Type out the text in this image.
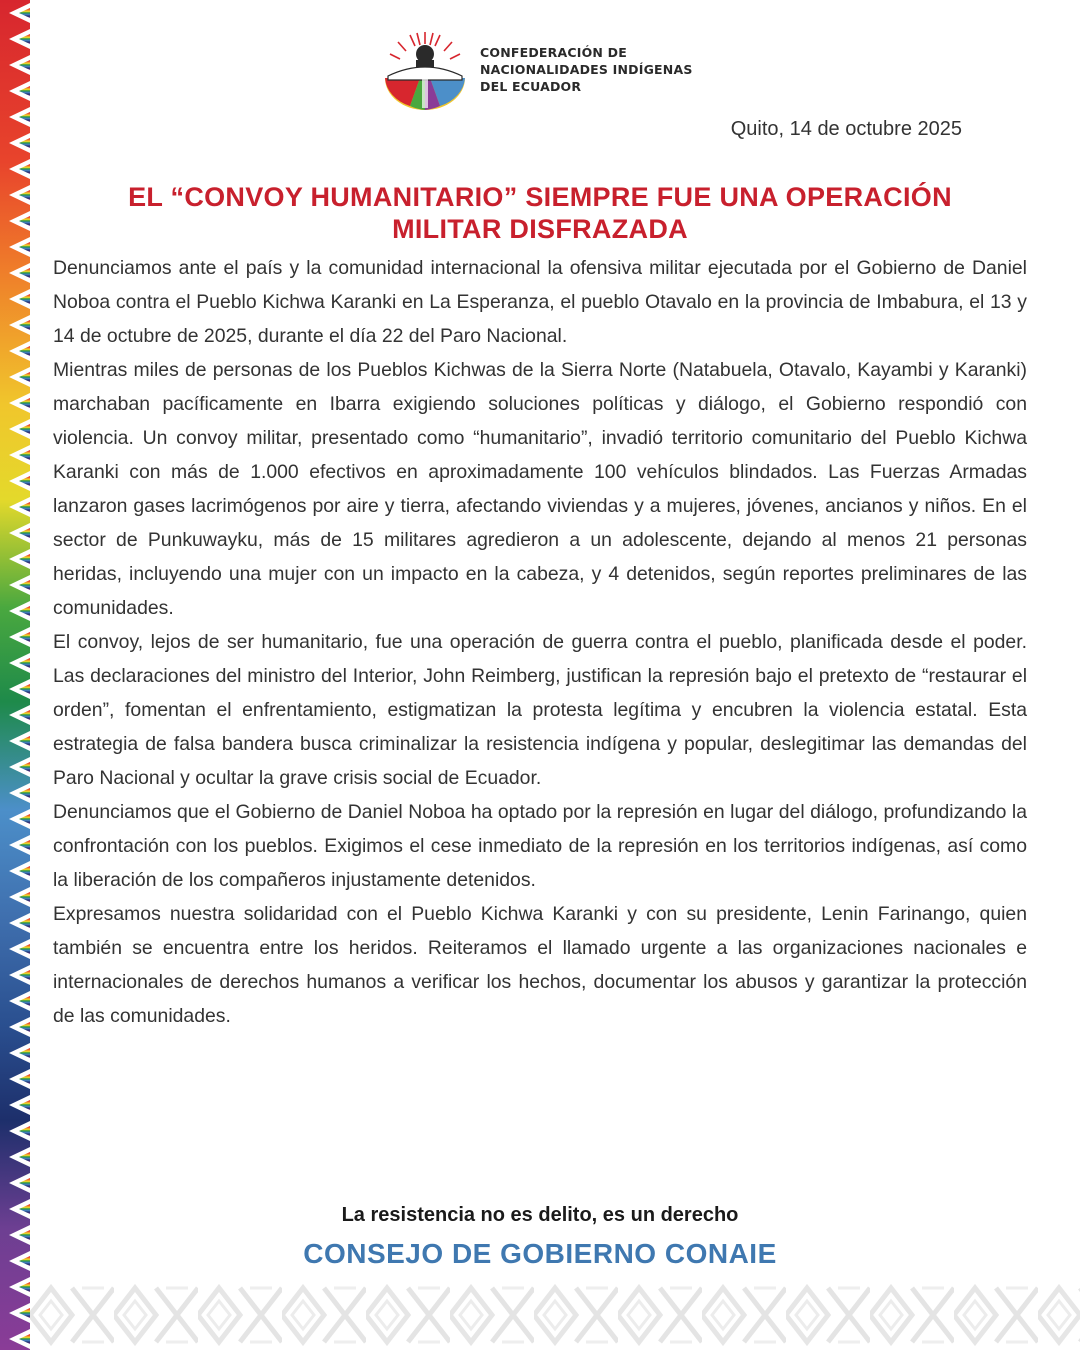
CONFEDERACIÓN DE
NACIONALIDADES INDÍGENAS
DEL ECUADOR
Quito, 14 de octubre 2025
EL “CONVOY HUMANITARIO” SIEMPRE FUE UNA OPERACIÓN
MILITAR DISFRAZADA

Denunciamos ante el país y la comunidad internacional la ofensiva militar ejecutada por el Gobierno de Daniel Noboa contra el Pueblo Kichwa Karanki en La Esperanza, el pueblo Otavalo en la provincia de Imbabura, el 13 y 14 de octubre de 2025, durante el día 22 del Paro Nacional.

Mientras miles de personas de los Pueblos Kichwas de la Sierra Norte (Natabuela, Otavalo, Kayambi y Karanki) marchaban pacíficamente en Ibarra exigiendo soluciones políticas y diálogo, el Gobierno respondió con violencia. Un convoy militar, presentado como “humanitario”, invadió territorio comunitario del Pueblo Kichwa Karanki con más de 1.000 efectivos en aproximadamente 100 vehículos blindados. Las Fuerzas Armadas lanzaron gases lacrimógenos por aire y tierra, afectando viviendas y a mujeres, jóvenes, ancianos y niños. En el sector de Punkuwayku, más de 15 militares agredieron a un adolescente, dejando al menos 21 personas heridas, incluyendo una mujer con un impacto en la cabeza, y 4 detenidos, según reportes preliminares de las comunidades.

El convoy, lejos de ser humanitario, fue una operación de guerra contra el pueblo, planificada desde el poder. Las declaraciones del ministro del Interior, John Reimberg, justifican la represión bajo el pretexto de “restaurar el orden”, fomentan el enfrentamiento, estigmatizan la protesta legítima y encubren la violencia estatal. Esta estrategia de falsa bandera busca criminalizar la resistencia indígena y popular, deslegitimar las demandas del Paro Nacional y ocultar la grave crisis social de Ecuador.

Denunciamos que el Gobierno de Daniel Noboa ha optado por la represión en lugar del diálogo, profundizando la confrontación con los pueblos. Exigimos el cese inmediato de la represión en los territorios indígenas, así como la liberación de los compañeros injustamente detenidos.

Expresamos nuestra solidaridad con el Pueblo Kichwa Karanki y con su presidente, Lenin Farinango, quien también se encuentra entre los heridos. Reiteramos el llamado urgente a las organizaciones nacionales e internacionales de derechos humanos a verificar los hechos, documentar los abusos y garantizar la protección de las comunidades.

La resistencia no es delito, es un derecho
CONSEJO DE GOBIERNO CONAIE
